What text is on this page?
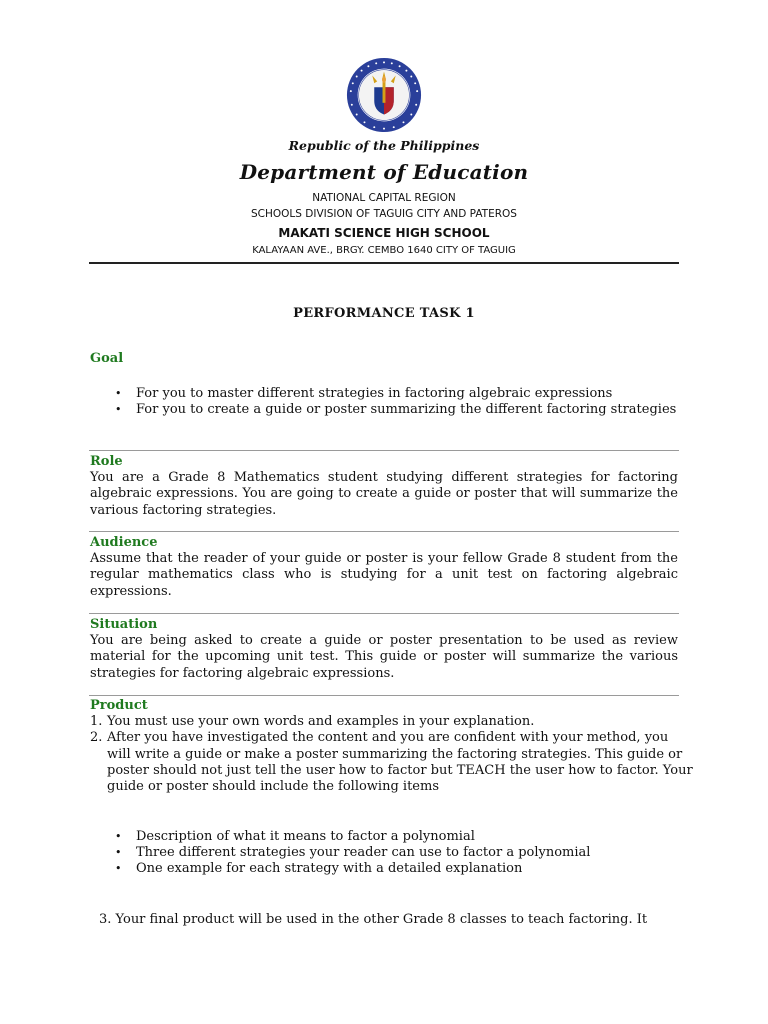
Republic of the Philippines
Department of Education
NATIONAL CAPITAL REGION
SCHOOLS DIVISION OF TAGUIG CITY AND PATEROS
MAKATI SCIENCE HIGH SCHOOL
KALAYAAN AVE., BRGY. CEMBO 1640 CITY OF TAGUIG
PERFORMANCE TASK 1
Goal
• For you to master different strategies in factoring algebraic expressions
• For you to create a guide or poster summarizing the different factoring strategies
Role
You are a Grade 8 Mathematics student studying different strategies for factoring algebraic expressions. You are going to create a guide or poster that will summarize the various factoring strategies.
Audience
Assume that the reader of your guide or poster is your fellow Grade 8 student from the regular mathematics class who is studying for a unit test on factoring algebraic expressions.
Situation
You are being asked to create a guide or poster presentation to be used as review material for the upcoming unit test. This guide or poster will summarize the various strategies for factoring algebraic expressions.
Product
1. You must use your own words and examples in your explanation.
2. After you have investigated the content and you are confident with your method, you will write a guide or make a poster summarizing the factoring strategies. This guide or poster should not just tell the user how to factor but TEACH the user how to factor. Your guide or poster should include the following items
• Description of what it means to factor a polynomial
• Three different strategies your reader can use to factor a polynomial
• One example for each strategy with a detailed explanation
3. Your final product will be used in the other Grade 8 classes to teach factoring. It
